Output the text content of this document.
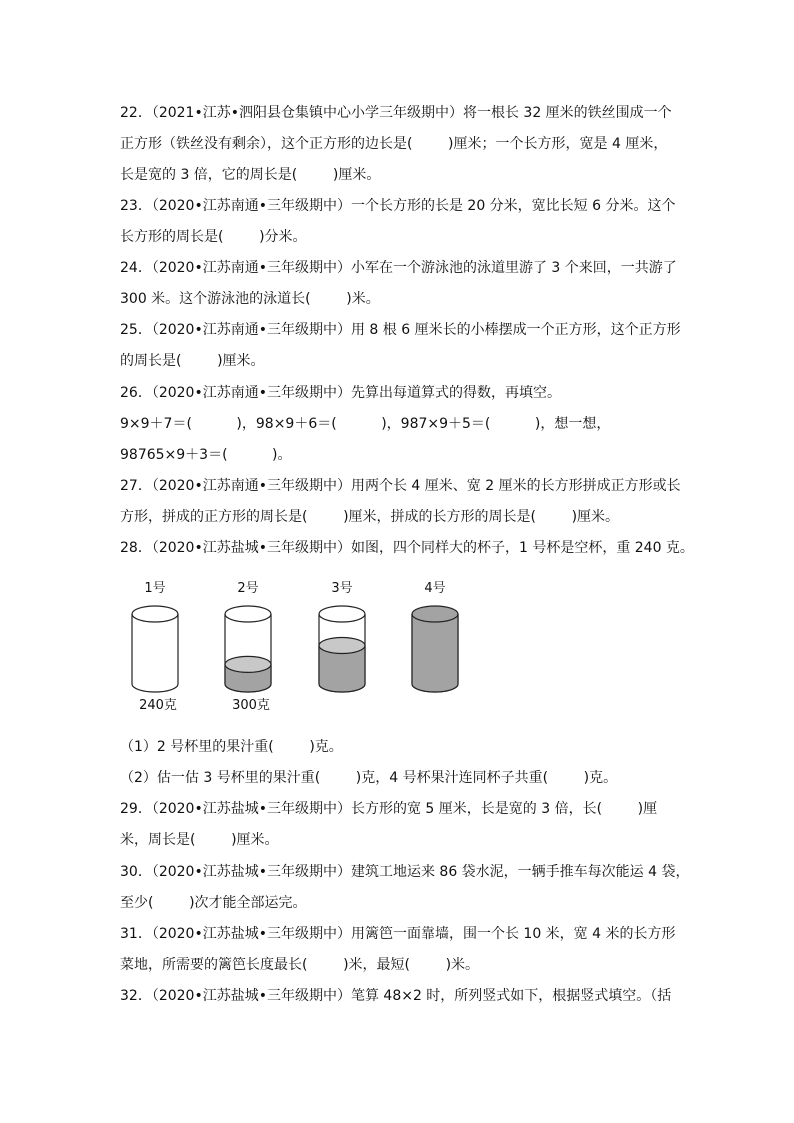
22．（2021•江苏•泗阳县仓集镇中心小学三年级期中）将一根长 32 厘米的铁丝围成一个
正方形（铁丝没有剩余），这个正方形的边长是(        )厘米；一个长方形，宽是 4 厘米，
长是宽的 3 倍，它的周长是(        )厘米。
23．（2020•江苏南通•三年级期中）一个长方形的长是 20 分米，宽比长短 6 分米。这个
长方形的周长是(        )分米。
24．（2020•江苏南通•三年级期中）小军在一个游泳池的泳道里游了 3 个来回，一共游了
300 米。这个游泳池的泳道长(        )米。
25．（2020•江苏南通•三年级期中）用 8 根 6 厘米长的小棒摆成一个正方形，这个正方形
的周长是(        )厘米。
26．（2020•江苏南通•三年级期中）先算出每道算式的得数，再填空。
9×9＋7＝(          )，98×9＋6＝(          )，987×9＋5＝(          )，想一想，
98765×9＋3＝(          )。
27．（2020•江苏南通•三年级期中）用两个长 4 厘米、宽 2 厘米的长方形拼成正方形或长
方形，拼成的正方形的周长是(        )厘米，拼成的长方形的周长是(        )厘米。
28．（2020•江苏盐城•三年级期中）如图，四个同样大的杯子，1 号杯是空杯，重 240 克。
1号
240克
2号
300克
3号	4号
（1）2 号杯里的果汁重(        )克。
（2）估一估 3 号杯里的果汁重(        )克，4 号杯果汁连同杯子共重(        )克。
29．（2020•江苏盐城•三年级期中）长方形的宽 5 厘米，长是宽的 3 倍，长(        )厘
米，周长是(        )厘米。
30．（2020•江苏盐城•三年级期中）建筑工地运来 86 袋水泥，一辆手推车每次能运 4 袋，
至少(        )次才能全部运完。
31．（2020•江苏盐城•三年级期中）用篱笆一面靠墙，围一个长 10 米，宽 4 米的长方形
菜地，所需要的篱笆长度最长(        )米，最短(        )米。
32．（2020•江苏盐城•三年级期中）笔算 48×2 时，所列竖式如下，根据竖式填空。（括
